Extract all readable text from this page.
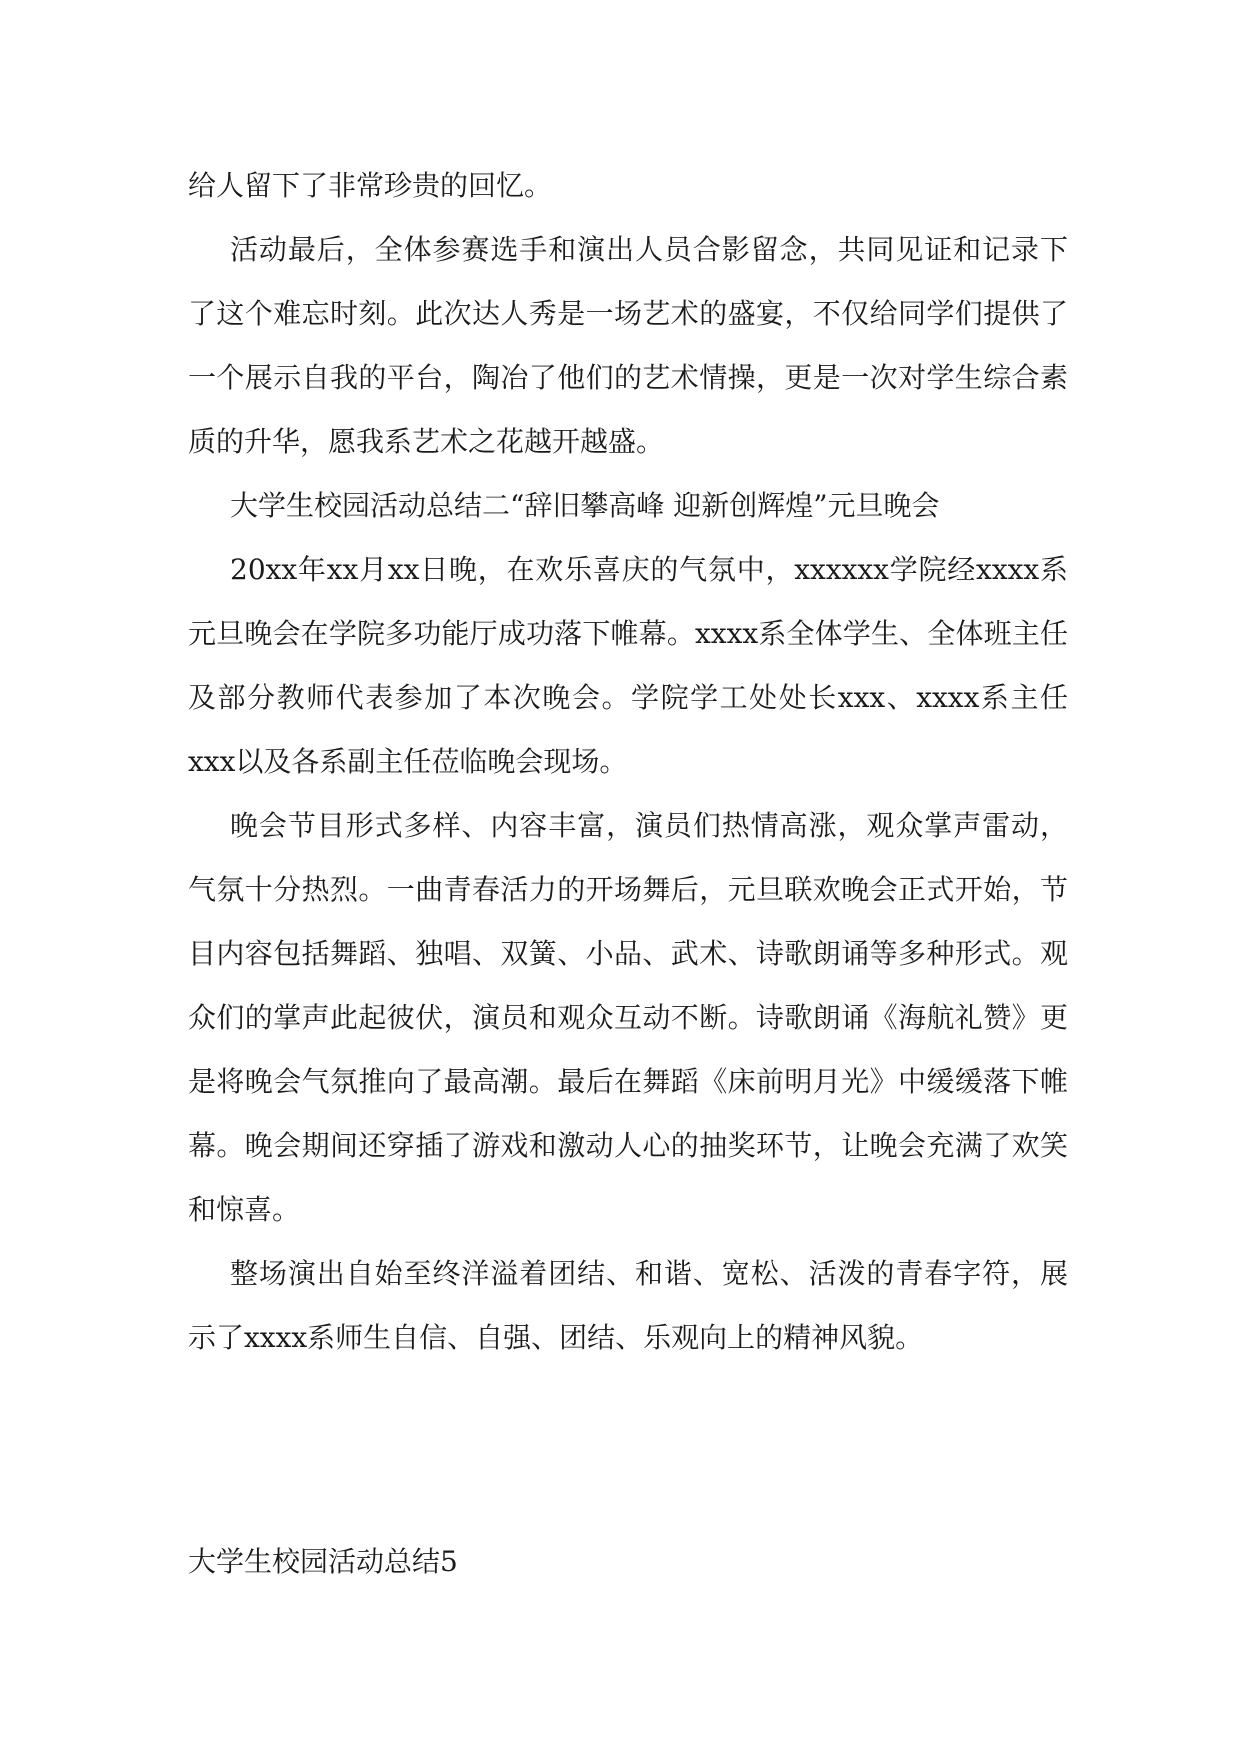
给人留下了非常珍贵的回忆。

活动最后，全体参赛选手和演出人员合影留念，共同见证和记录下了这个难忘时刻。此次达人秀是一场艺术的盛宴，不仅给同学们提供了一个展示自我的平台，陶冶了他们的艺术情操，更是一次对学生综合素质的升华，愿我系艺术之花越开越盛。

大学生校园活动总结二“辞旧攀高峰 迎新创辉煌”元旦晚会

20xx年xx月xx日晚，在欢乐喜庆的气氛中，xxxxxx学院经xxxx系元旦晚会在学院多功能厅成功落下帷幕。xxxx系全体学生、全体班主任及部分教师代表参加了本次晚会。学院学工处处长xxx、xxxx系主任xxx以及各系副主任莅临晚会现场。

晚会节目形式多样、内容丰富，演员们热情高涨，观众掌声雷动，气氛十分热烈。一曲青春活力的开场舞后，元旦联欢晚会正式开始，节目内容包括舞蹈、独唱、双簧、小品、武术、诗歌朗诵等多种形式。观众们的掌声此起彼伏，演员和观众互动不断。诗歌朗诵《海航礼赞》更是将晚会气氛推向了最高潮。最后在舞蹈《床前明月光》中缓缓落下帷幕。晚会期间还穿插了游戏和激动人心的抽奖环节，让晚会充满了欢笑和惊喜。

整场演出自始至终洋溢着团结、和谐、宽松、活泼的青春字符，展示了xxxx系师生自信、自强、团结、乐观向上的精神风貌。

大学生校园活动总结5
